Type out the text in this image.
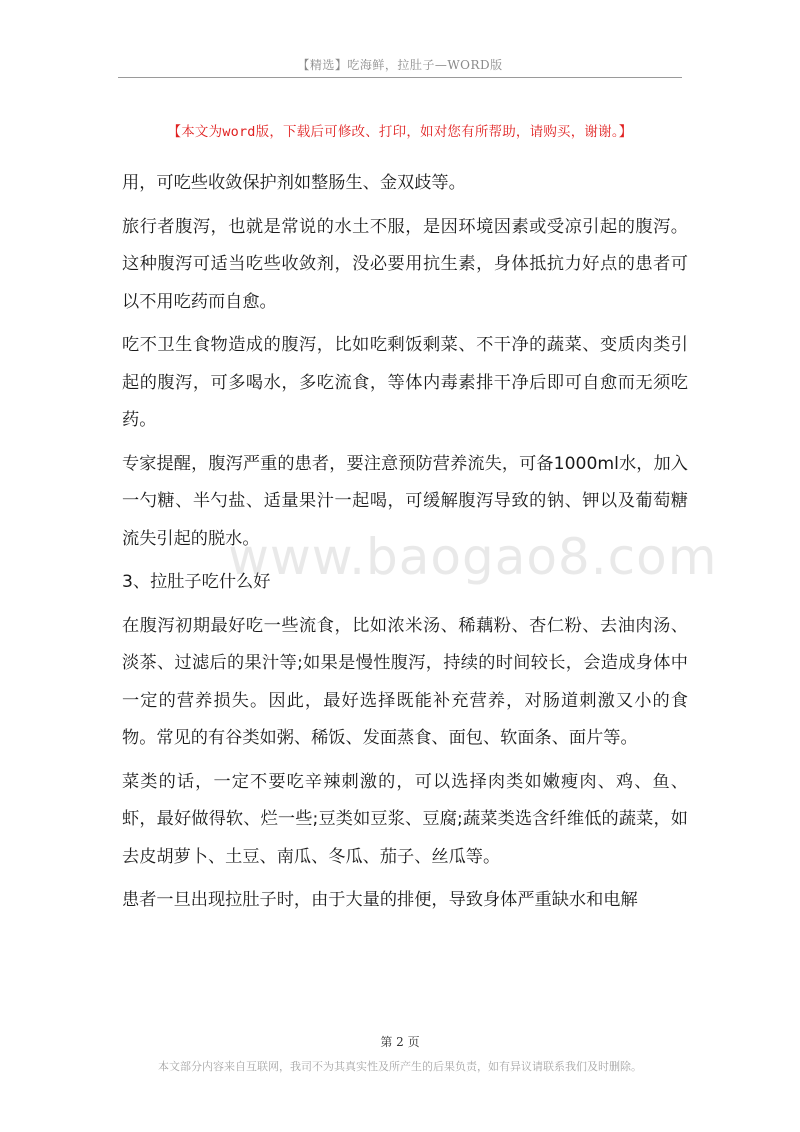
【精选】吃海鲜，拉肚子—WORD版
【本文为word版，下载后可修改、打印，如对您有所帮助，请购买，谢谢。】

用，可吃些收敛保护剂如整肠生、金双歧等。

旅行者腹泻，也就是常说的水土不服，是因环境因素或受凉引起的腹泻。这种腹泻可适当吃些收敛剂，没必要用抗生素，身体抵抗力好点的患者可以不用吃药而自愈。

吃不卫生食物造成的腹泻，比如吃剩饭剩菜、不干净的蔬菜、变质肉类引起的腹泻，可多喝水，多吃流食，等体内毒素排干净后即可自愈而无须吃药。

专家提醒，腹泻严重的患者，要注意预防营养流失，可备1000ml水，加入一勺糖、半勺盐、适量果汁一起喝，可缓解腹泻导致的钠、钾以及葡萄糖流失引起的脱水。

3、拉肚子吃什么好

在腹泻初期最好吃一些流食，比如浓米汤、稀藕粉、杏仁粉、去油肉汤、淡茶、过滤后的果汁等;如果是慢性腹泻，持续的时间较长，会造成身体中一定的营养损失。因此，最好选择既能补充营养，对肠道刺激又小的食物。常见的有谷类如粥、稀饭、发面蒸食、面包、软面条、面片等。

菜类的话，一定不要吃辛辣刺激的，可以选择肉类如嫩瘦肉、鸡、鱼、虾，最好做得软、烂一些;豆类如豆浆、豆腐;蔬菜类选含纤维低的蔬菜，如去皮胡萝卜、土豆、南瓜、冬瓜、茄子、丝瓜等。

患者一旦出现拉肚子时，由于大量的排便，导致身体严重缺水和电解

www.baogao8.com
第 2 页
本文部分内容来自互联网，我司不为其真实性及所产生的后果负责，如有异议请联系我们及时删除。
